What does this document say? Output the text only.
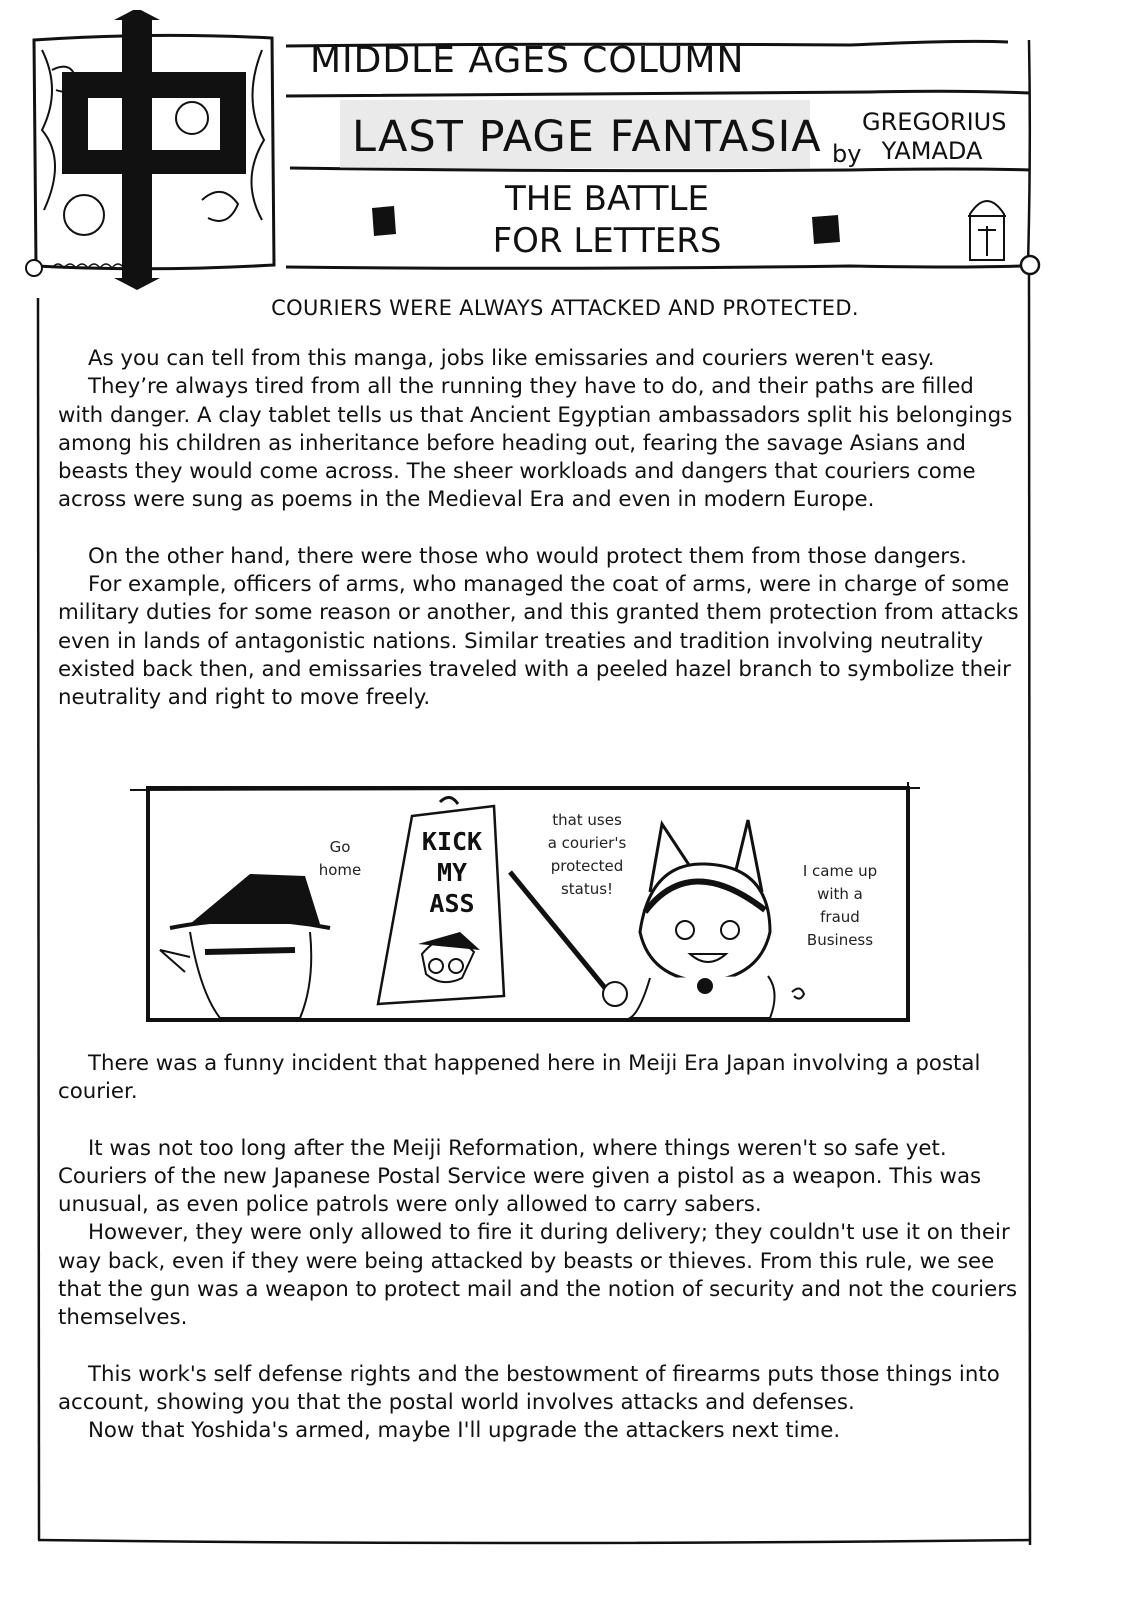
MIDDLE AGES COLUMN
LAST PAGE FANTASIA GREGORIUS
YAMADA
by
THE BATTLE
FOR LETTERS
COURIERS WERE ALWAYS ATTACKED AND PROTECTED.

As you can tell from this manga, jobs like emissaries and couriers weren't easy.

They’re always tired from all the running they have to do, and their paths are filled with danger. A clay tablet tells us that Ancient Egyptian ambassadors split his belongings among his children as inheritance before heading out, fearing the savage Asians and beasts they would come across. The sheer workloads and dangers that couriers come across were sung as poems in the Medieval Era and even in modern Europe.

On the other hand, there were those who would protect them from those dangers.

For example, officers of arms, who managed the coat of arms, were in charge of some military duties for some reason or another, and this granted them protection from attacks even in lands of antagonistic nations. Similar treaties and tradition involving neutrality existed back then, and emissaries traveled with a peeled hazel branch to symbolize their neutrality and right to move freely.

Go
home
KICK
MY
ASS
that uses
a courier's
protected
status!
I came up
with a
fraud
Business

There was a funny incident that happened here in Meiji Era Japan involving a postal courier.

It was not too long after the Meiji Reformation, where things weren't so safe yet. Couriers of the new Japanese Postal Service were given a pistol as a weapon. This was unusual, as even police patrols were only allowed to carry sabers.

However, they were only allowed to fire it during delivery; they couldn't use it on their way back, even if they were being attacked by beasts or thieves. From this rule, we see that the gun was a weapon to protect mail and the notion of security and not the couriers themselves.

This work's self defense rights and the bestowment of firearms puts those things into account, showing you that the postal world involves attacks and defenses.

Now that Yoshida's armed, maybe I'll upgrade the attackers next time.
